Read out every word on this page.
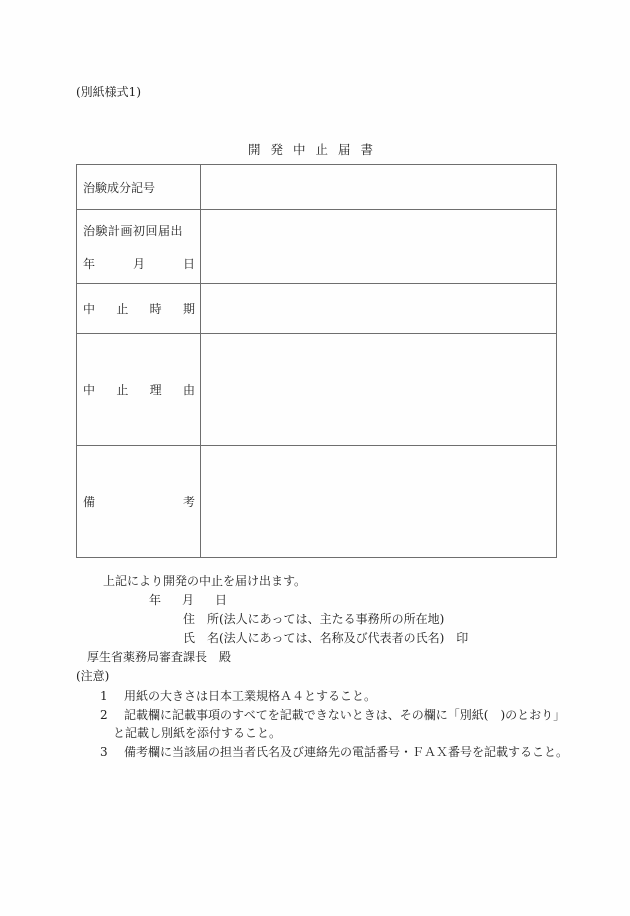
(別紙様式1)
開発中止届書
治験成分記号	

治験計画初回届出
年 月 日	

中 止 時 期	

中 止 理 由	

備 考	

上記により開発の中止を届け出ます。
年 月 日
住　所(法人にあっては、主たる事務所の所在地)
氏　名(法人にあっては、名称及び代表者の氏名)　印
厚生省薬務局審査課長　殿
(注意)
1 用紙の大きさは日本工業規格Ａ４とすること。
2 記載欄に記載事項のすべてを記載できないときは、その欄に「別紙(　)のとおり」
と記載し別紙を添付すること。
3 備考欄に当該届の担当者氏名及び連絡先の電話番号・ＦＡＸ番号を記載すること。
